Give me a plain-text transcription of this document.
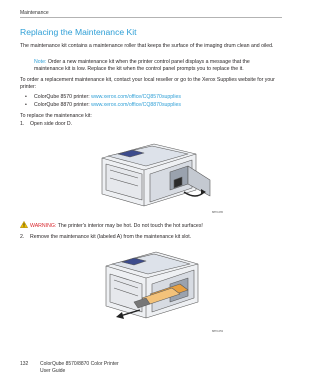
Maintenance
Replacing the Maintenance Kit

The maintenance kit contains a maintenance roller that keeps the surface of the imaging drum clean and oiled.

Note: Order a new maintenance kit when the printer control panel displays a message that the maintenance kit is low. Replace the kit when the control panel prompts you to replace the it.

To order a replacement maintenance kit, contact your local reseller or go to the Xerox Supplies website for your printer:

• ColorQube 8570 printer: www.xerox.com/office/CQ8570supplies
• ColorQube 8870 printer: www.xerox.com/office/CQ8870supplies

To replace the maintenance kit:

1. Open side door D.
8870-065
WARNING: The printer's interior may be hot. Do not touch the hot surfaces!
2. Remove the maintenance kit (labeled A) from the maintenance kit slot.
8870-053
132 ColorQube 8570/8870 Color Printer
User Guide
